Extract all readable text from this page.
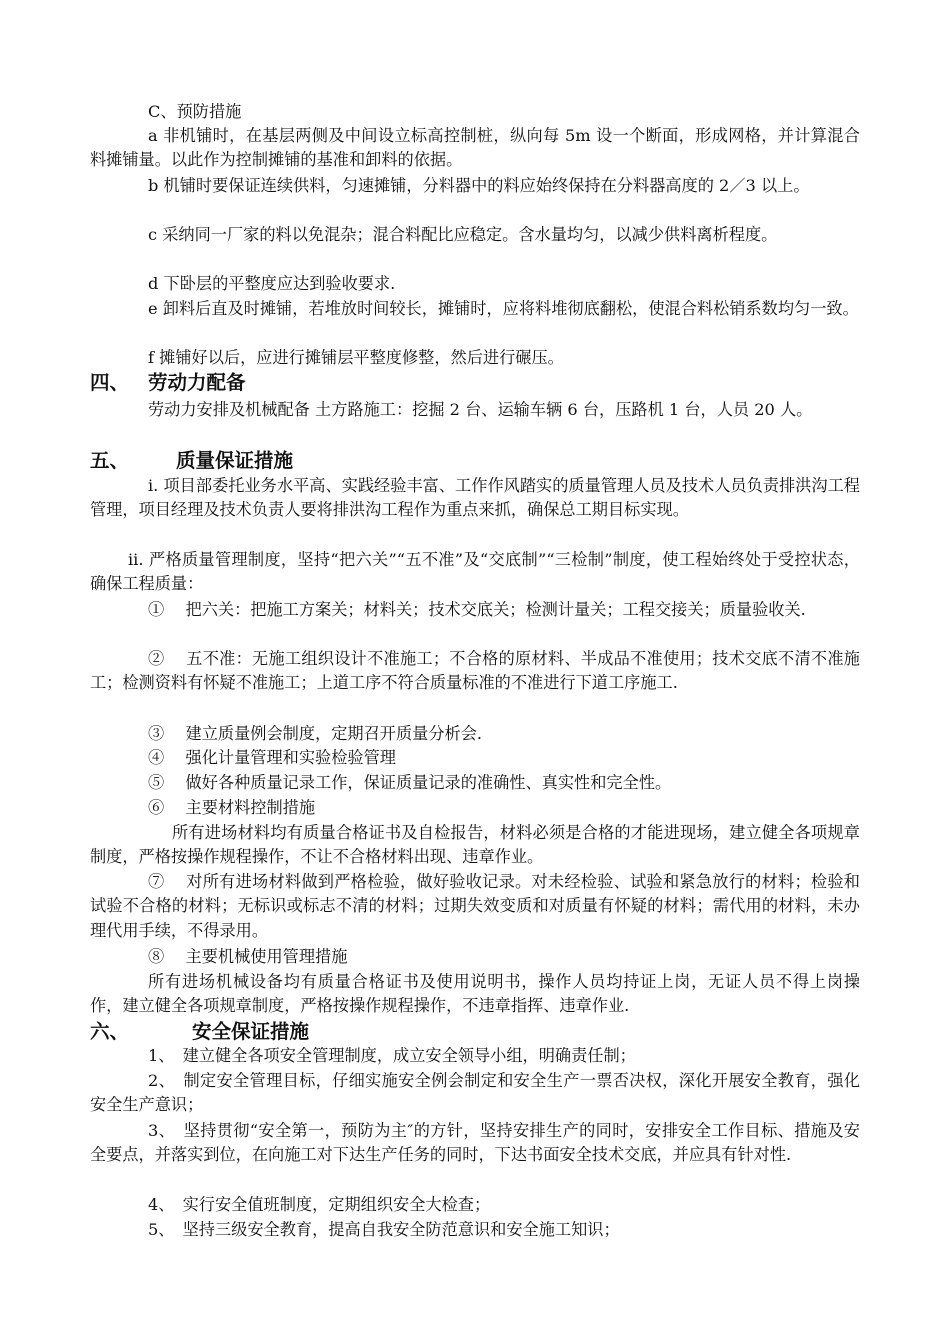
C、预防措施
a 非机铺时，在基层两侧及中间设立标高控制桩，纵向每 5m 设一个断面，形成网格，并计算混合料摊铺量。以此作为控制摊铺的基准和卸料的依据。
b 机铺时要保证连续供料，匀速摊铺，分料器中的料应始终保持在分料器高度的 2／3 以上。
c 采纳同一厂家的料以免混杂；混合料配比应稳定。含水量均匀，以减少供料离析程度。
d 下卧层的平整度应达到验收要求.
e 卸料后直及时摊铺，若堆放时间较长，摊铺时，应将料堆彻底翻松，使混合料松销系数均匀一致。
f 摊铺好以后，应进行摊铺层平整度修整，然后进行碾压。
四、 劳动力配备
劳动力安排及机械配备 土方路施工：挖掘 2 台、运输车辆 6 台，压路机 1 台，人员 20 人。
五、 质量保证措施
i. 项目部委托业务水平高、实践经验丰富、工作作风踏实的质量管理人员及技术人员负责排洪沟工程管理，项目经理及技术负责人要将排洪沟工程作为重点来抓，确保总工期目标实现。
ii. 严格质量管理制度，坚持“把六关”“五不准”及“交底制”“三检制”制度，使工程始终处于受控状态，确保工程质量：
①　 把六关：把施工方案关；材料关；技术交底关；检测计量关；工程交接关；质量验收关.
②　 五不准：无施工组织设计不准施工；不合格的原材料、半成品不准使用；技术交底不清不准施工；检测资料有怀疑不准施工；上道工序不符合质量标准的不准进行下道工序施工.
③　 建立质量例会制度，定期召开质量分析会.
④　 强化计量管理和实验检验管理
⑤　 做好各种质量记录工作，保证质量记录的准确性、真实性和完全性。
⑥　 主要材料控制措施
所有进场材料均有质量合格证书及自检报告，材料必须是合格的才能进现场，建立健全各项规章制度，严格按操作规程操作，不让不合格材料出现、违章作业。
⑦　 对所有进场材料做到严格检验，做好验收记录。对未经检验、试验和紧急放行的材料；检验和试验不合格的材料；无标识或标志不清的材料；过期失效变质和对质量有怀疑的材料；需代用的材料，未办理代用手续，不得录用。
⑧　 主要机械使用管理措施
所有进场机械设备均有质量合格证书及使用说明书，操作人员均持证上岗，无证人员不得上岗操作，建立健全各项规章制度，严格按操作规程操作，不违章指挥、违章作业.
六、	安全保证措施
1、　建立健全各项安全管理制度，成立安全领导小组，明确责任制；
2、　制定安全管理目标，仔细实施安全例会制定和安全生产一票否决权，深化开展安全教育，强化安全生产意识；
3、　坚持贯彻“安全第一，预防为主″的方针，坚持安排生产的同时，安排安全工作目标、措施及安全要点，并落实到位，在向施工对下达生产任务的同时，下达书面安全技术交底，并应具有针对性.
4、　实行安全值班制度，定期组织安全大检查；
5、　坚持三级安全教育，提高自我安全防范意识和安全施工知识；
